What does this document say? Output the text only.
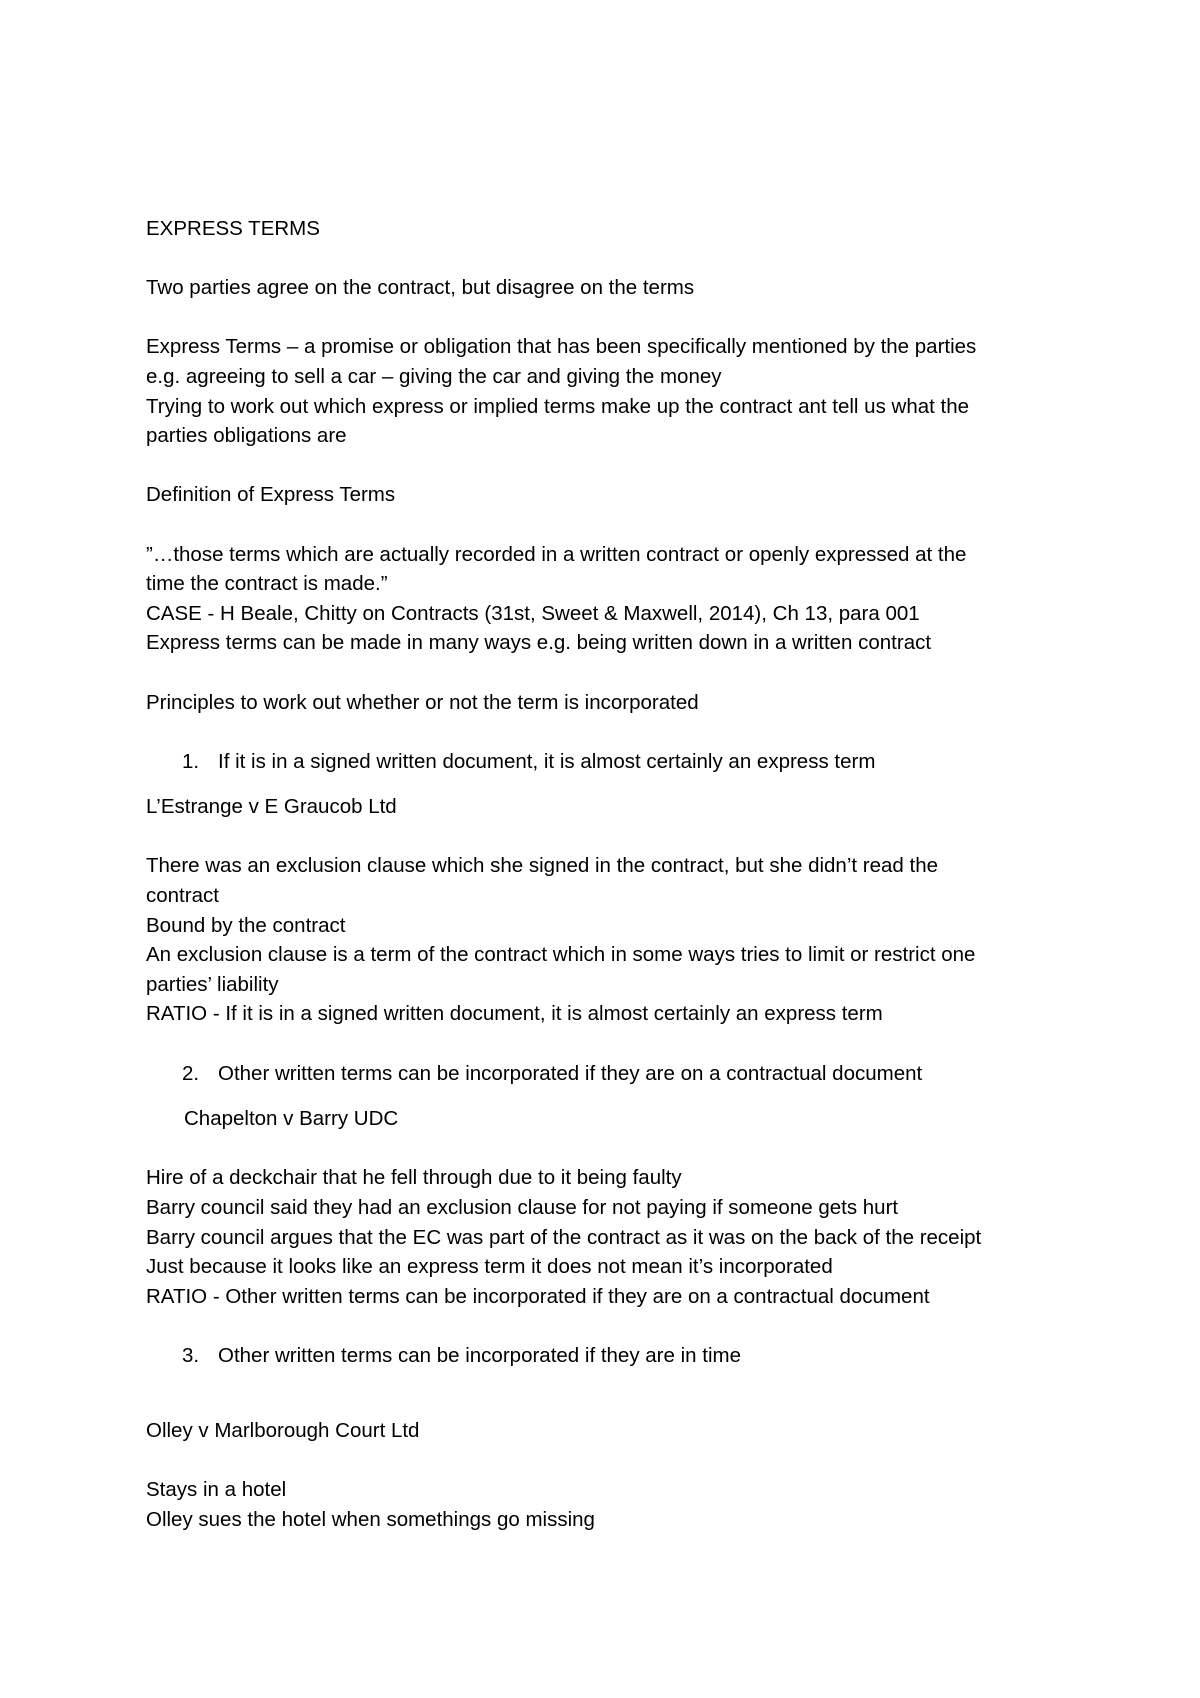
EXPRESS TERMS

Two parties agree on the contract, but disagree on the terms

Express Terms – a promise or obligation that has been specifically mentioned by the parties

e.g. agreeing to sell a car – giving the car and giving the money

Trying to work out which express or implied terms make up the contract ant tell us what the

parties obligations are

Definition of Express Terms

”…those terms which are actually recorded in a written contract or openly expressed at the

time the contract is made.”

CASE - H Beale, Chitty on Contracts (31st, Sweet & Maxwell, 2014), Ch 13, para 001

Express terms can be made in many ways e.g. being written down in a written contract

Principles to work out whether or not the term is incorporated

1. If it is in a signed written document, it is almost certainly an express term

L’Estrange v E Graucob Ltd

There was an exclusion clause which she signed in the contract, but she didn’t read the

contract

Bound by the contract

An exclusion clause is a term of the contract which in some ways tries to limit or restrict one

parties’ liability

RATIO - If it is in a signed written document, it is almost certainly an express term

2. Other written terms can be incorporated if they are on a contractual document

Chapelton v Barry UDC

Hire of a deckchair that he fell through due to it being faulty

Barry council said they had an exclusion clause for not paying if someone gets hurt

Barry council argues that the EC was part of the contract as it was on the back of the receipt

Just because it looks like an express term it does not mean it’s incorporated

RATIO - Other written terms can be incorporated if they are on a contractual document

3. Other written terms can be incorporated if they are in time

Olley v Marlborough Court Ltd

Stays in a hotel

Olley sues the hotel when somethings go missing
